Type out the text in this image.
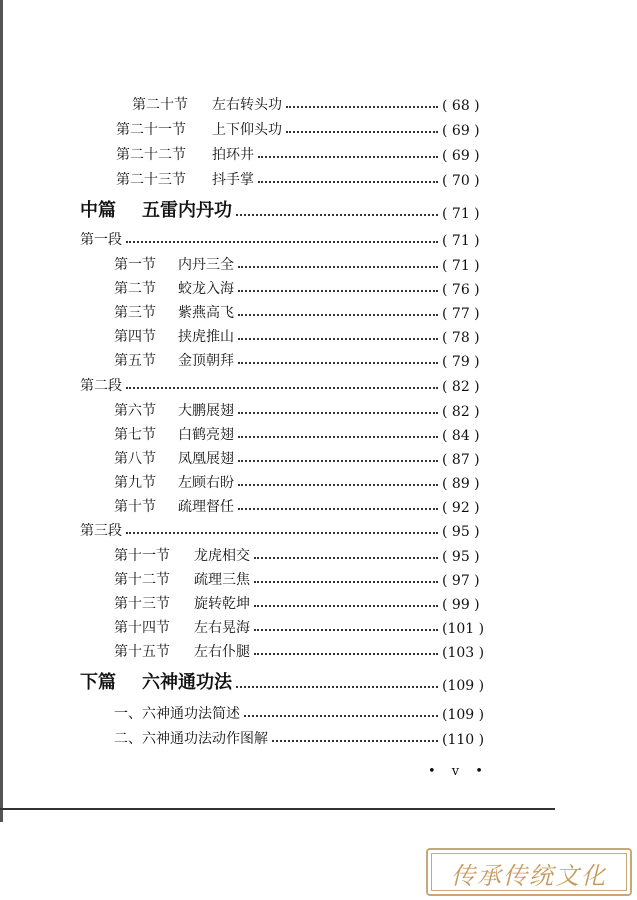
第二十节	左右转头功	( 68 )
第二十一节	上下仰头功	( 69 )
第二十二节	拍环井	( 69 )
第二十三节	抖手掌	( 70 )
中篇	五雷内丹功	( 71 )
第一段	( 71 )
第一节	内丹三全	( 71 )
第二节	蛟龙入海	( 76 )
第三节	紫燕高飞	( 77 )
第四节	挟虎推山	( 78 )
第五节	金顶朝拜	( 79 )
第二段	( 82 )
第六节	大鹏展翅	( 82 )
第七节	白鹤亮翅	( 84 )
第八节	凤凰展翅	( 87 )
第九节	左顾右盼	( 89 )
第十节	疏理督任	( 92 )
第三段	( 95 )
第十一节	龙虎相交	( 95 )
第十二节	疏理三焦	( 97 )
第十三节	旋转乾坤	( 99 )
第十四节	左右晃海	(101 )
第十五节	左右仆腿	(103 )
下篇	六神通功法	(109 )
一、 六神通功法简述	(109 )
二、 六神通功法动作图解	(110 )
• v •
传承传统文化
